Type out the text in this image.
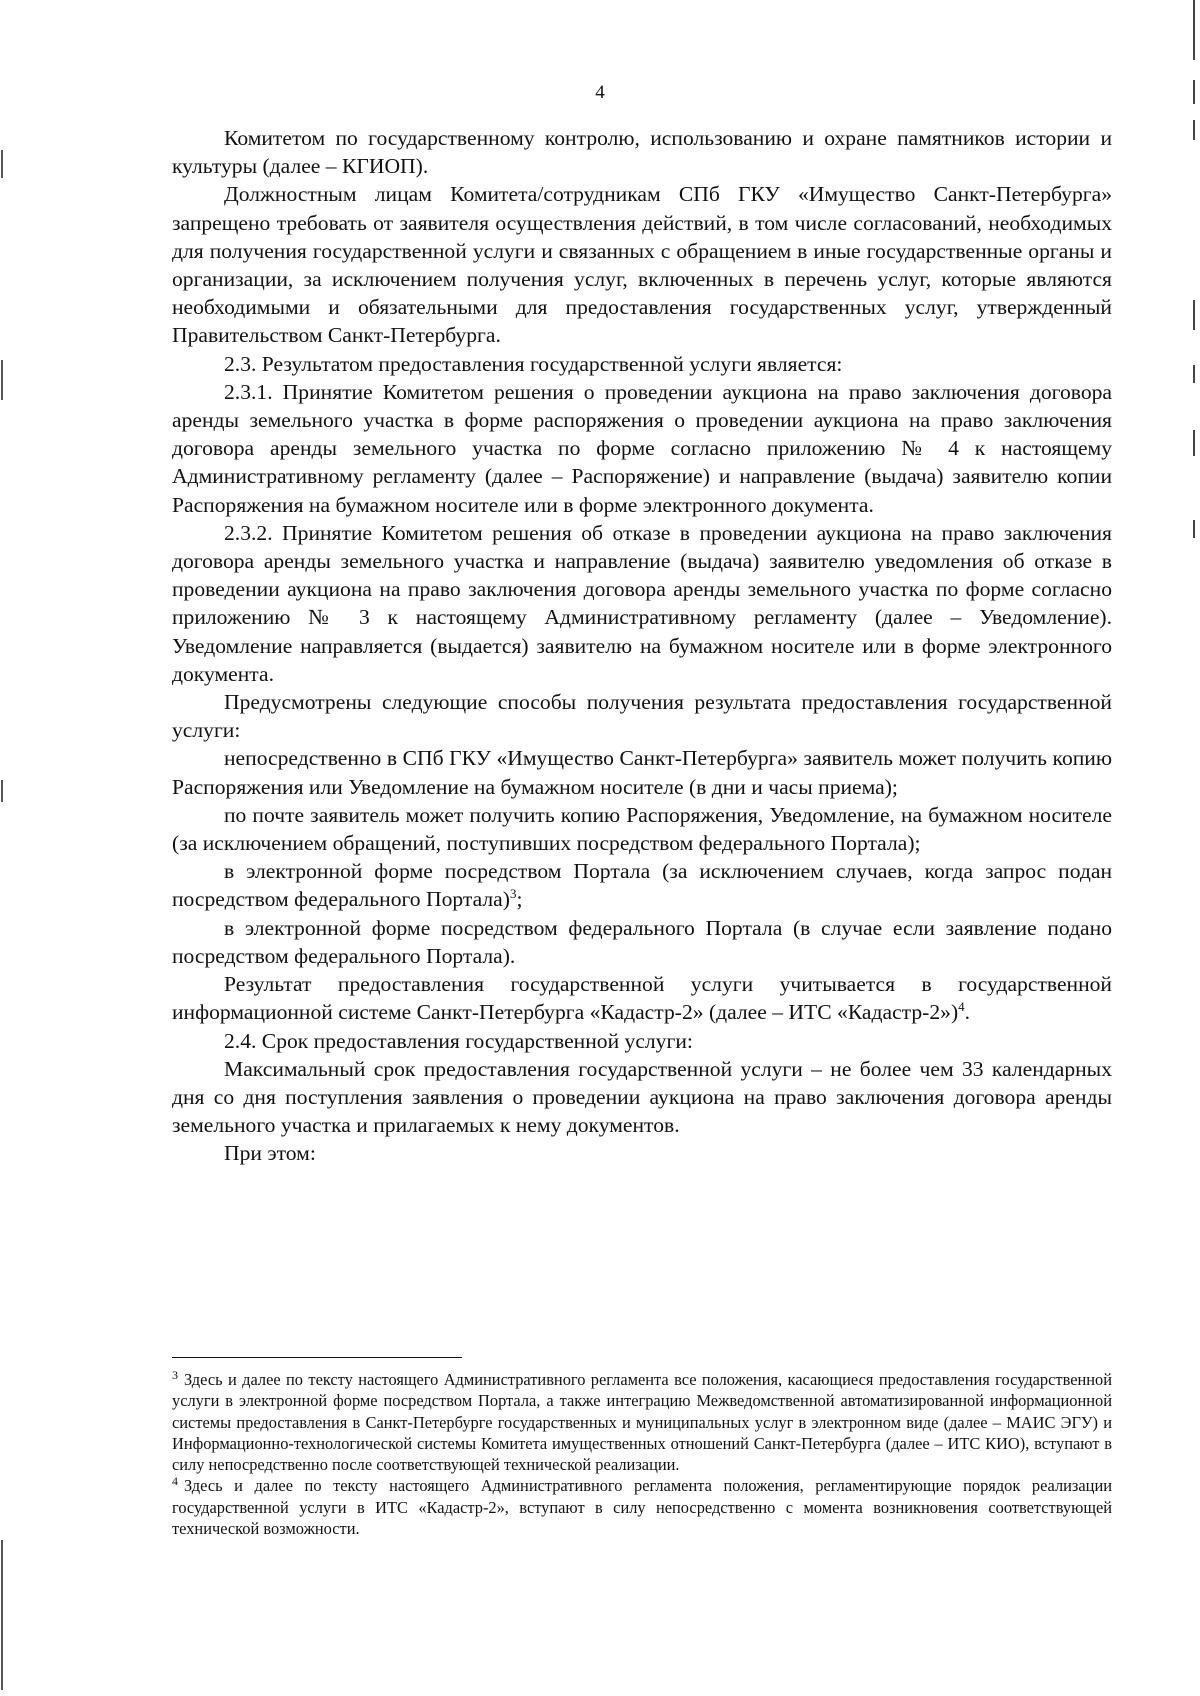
4

Комитетом по государственному контролю, использованию и охране памятников истории и культуры (далее – КГИОП).

Должностным лицам Комитета/сотрудникам СПб ГКУ «Имущество Санкт-Петербурга» запрещено требовать от заявителя осуществления действий, в том числе согласований, необходимых для получения государственной услуги и связанных с обращением в иные государственные органы и организации, за исключением получения услуг, включенных в перечень услуг, которые являются необходимыми и обязательными для предоставления государственных услуг, утвержденный Правительством Санкт-Петербурга.

2.3. Результатом предоставления государственной услуги является:

2.3.1. Принятие Комитетом решения о проведении аукциона на право заключения договора аренды земельного участка в форме распоряжения о проведении аукциона на право заключения договора аренды земельного участка по форме согласно приложению № 4 к настоящему Административному регламенту (далее – Распоряжение) и направление (выдача) заявителю копии Распоряжения на бумажном носителе или в форме электронного документа.

2.3.2. Принятие Комитетом решения об отказе в проведении аукциона на право заключения договора аренды земельного участка и направление (выдача) заявителю уведомления об отказе в проведении аукциона на право заключения договора аренды земельного участка по форме согласно приложению № 3 к настоящему Административному регламенту (далее – Уведомление). Уведомление направляется (выдается) заявителю на бумажном носителе или в форме электронного документа.

Предусмотрены следующие способы получения результата предоставления государственной услуги:

непосредственно в СПб ГКУ «Имущество Санкт-Петербурга» заявитель может получить копию Распоряжения или Уведомление на бумажном носителе (в дни и часы приема);

по почте заявитель может получить копию Распоряжения, Уведомление, на бумажном носителе (за исключением обращений, поступивших посредством федерального Портала);

в электронной форме посредством Портала (за исключением случаев, когда запрос подан посредством федерального Портала)$^3$;

в электронной форме посредством федерального Портала (в случае если заявление подано посредством федерального Портала).

Результат предоставления государственной услуги учитывается в государственной информационной системе Санкт-Петербурга «Кадастр-2» (далее – ИТС «Кадастр-2»)$^4$.

2.4. Срок предоставления государственной услуги:

Максимальный срок предоставления государственной услуги – не более чем 33 календарных дня со дня поступления заявления о проведении аукциона на право заключения договора аренды земельного участка и прилагаемых к нему документов.

При этом:

$^3$ Здесь и далее по тексту настоящего Административного регламента все положения, касающиеся предоставления государственной услуги в электронной форме посредством Портала, а также интеграцию Межведомственной автоматизированной информационной системы предоставления в Санкт-Петербурге государственных и муниципальных услуг в электронном виде (далее – МАИС ЭГУ) и Информационно-технологической системы Комитета имущественных отношений Санкт-Петербурга (далее – ИТС КИО), вступают в силу непосредственно после соответствующей технической реализации.

$^4$ Здесь и далее по тексту настоящего Административного регламента положения, регламентирующие порядок реализации государственной услуги в ИТС «Кадастр-2», вступают в силу непосредственно с момента возникновения соответствующей технической возможности.
